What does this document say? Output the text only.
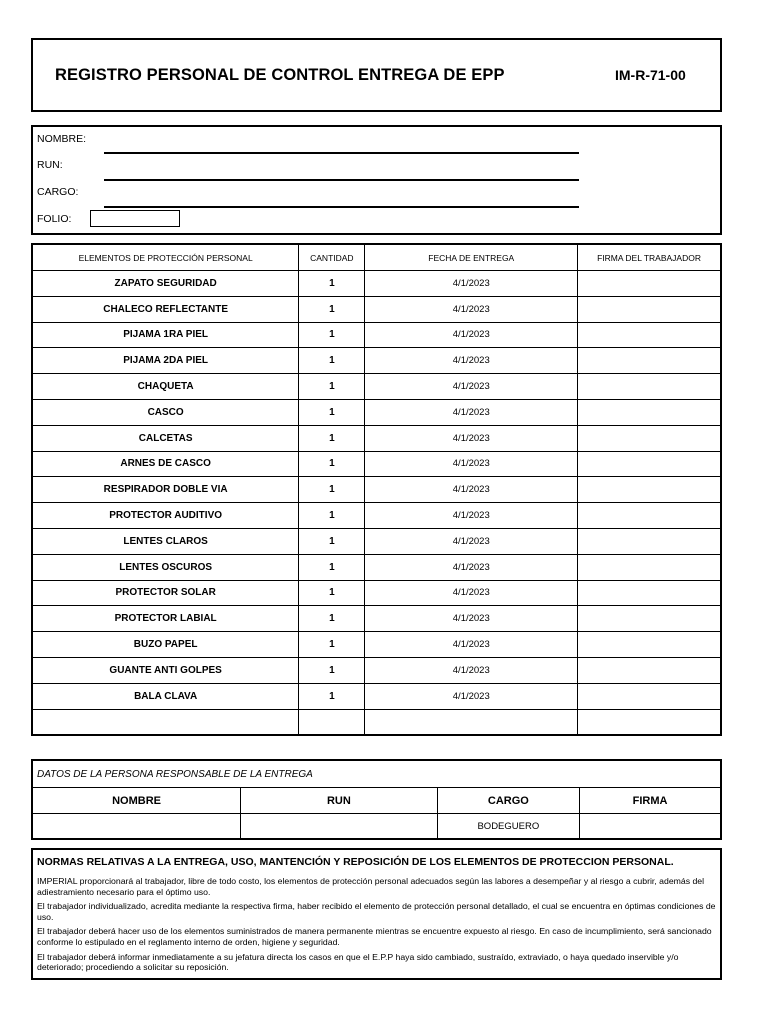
REGISTRO PERSONAL DE CONTROL ENTREGA DE EPP	IM-R-71-00
NOMBRE:
RUN:
CARGO:
FOLIO:
ELEMENTOS DE PROTECCIÓN PERSONAL	CANTIDAD	FECHA DE ENTREGA	FIRMA DEL TRABAJADOR
ZAPATO SEGURIDAD	1	4/1/2023	
CHALECO REFLECTANTE	1	4/1/2023	
PIJAMA 1RA PIEL	1	4/1/2023	
PIJAMA 2DA PIEL	1	4/1/2023	
CHAQUETA	1	4/1/2023	
CASCO	1	4/1/2023	
CALCETAS	1	4/1/2023	
ARNES DE CASCO	1	4/1/2023	
RESPIRADOR DOBLE VIA	1	4/1/2023	
PROTECTOR AUDITIVO	1	4/1/2023	
LENTES CLAROS	1	4/1/2023	
LENTES OSCUROS	1	4/1/2023	
PROTECTOR SOLAR	1	4/1/2023	
PROTECTOR LABIAL	1	4/1/2023	
BUZO PAPEL	1	4/1/2023	
GUANTE ANTI GOLPES	1	4/1/2023	
BALA CLAVA	1	4/1/2023	

DATOS DE LA PERSONA RESPONSABLE DE LA ENTREGA			
NOMBRE	RUN	CARGO	FIRMA
		BODEGUERO	
NORMAS RELATIVAS A LA ENTREGA, USO, MANTENCIÓN Y REPOSICIÓN DE LOS ELEMENTOS DE PROTECCION PERSONAL.

IMPERIAL proporcionará al trabajador, libre de todo costo, los elementos de protección personal adecuados según las labores a desempeñar y al riesgo a cubrir, además del adiestramiento necesario para el óptimo uso.

El trabajador individualizado, acredita mediante la respectiva firma, haber recibido el elemento de protección personal detallado, el cual se encuentra en óptimas condiciones de uso.

El trabajador deberá hacer uso de los elementos suministrados de manera permanente mientras se encuentre expuesto al riesgo. En caso de incumplimiento, será sancionado conforme lo estipulado en el reglamento interno de orden, higiene y seguridad.

El trabajador deberá informar inmediatamente a su jefatura directa los casos en que el E.P.P haya sido cambiado, sustraído, extraviado, o haya quedado inservible y/o deteriorado; procediendo a solicitar su reposición.
